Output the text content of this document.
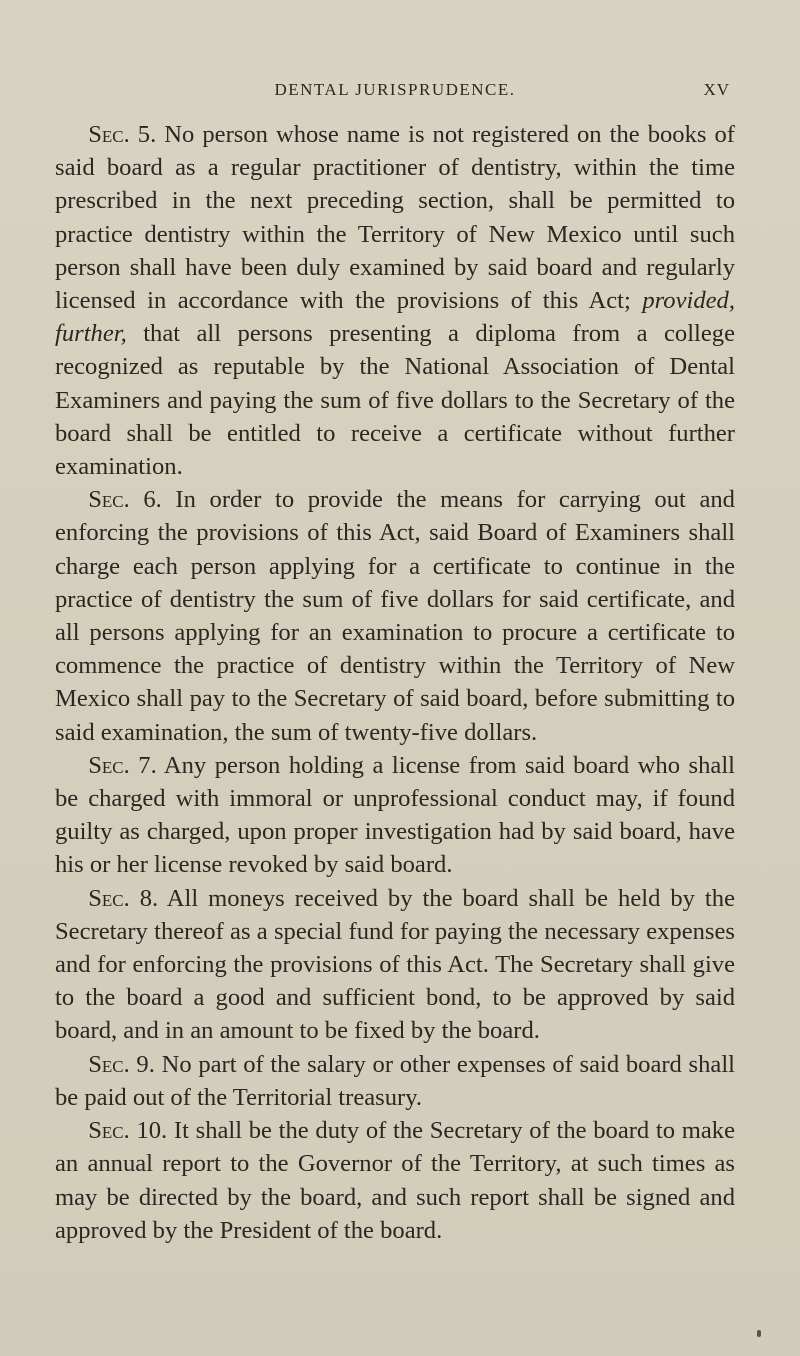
DENTAL JURISPRUDENCE.	XV

Sec. 5. No person whose name is not registered on the books of said board as a regular practitioner of dentistry, within the time prescribed in the next preceding section, shall be permitted to practice dentistry within the Territory of New Mexico until such person shall have been duly examined by said board and regularly licensed in accordance with the provisions of this Act; provided, further, that all persons presenting a diploma from a college recognized as reputable by the National Association of Dental Examiners and paying the sum of five dollars to the Secretary of the board shall be entitled to receive a certificate without further examination.

Sec. 6. In order to provide the means for carrying out and enforcing the provisions of this Act, said Board of Examiners shall charge each person applying for a certificate to continue in the practice of dentistry the sum of five dollars for said certificate, and all persons applying for an examination to procure a certificate to commence the practice of dentistry within the Territory of New Mexico shall pay to the Secretary of said board, before submitting to said examination, the sum of twenty-five dollars.

Sec. 7. Any person holding a license from said board who shall be charged with immoral or unprofessional conduct may, if found guilty as charged, upon proper investigation had by said board, have his or her license revoked by said board.

Sec. 8. All moneys received by the board shall be held by the Secretary thereof as a special fund for paying the necessary expenses and for enforcing the provisions of this Act. The Secretary shall give to the board a good and sufficient bond, to be approved by said board, and in an amount to be fixed by the board.

Sec. 9. No part of the salary or other expenses of said board shall be paid out of the Territorial treasury.

Sec. 10. It shall be the duty of the Secretary of the board to make an annual report to the Governor of the Territory, at such times as may be directed by the board, and such report shall be signed and approved by the President of the board.
